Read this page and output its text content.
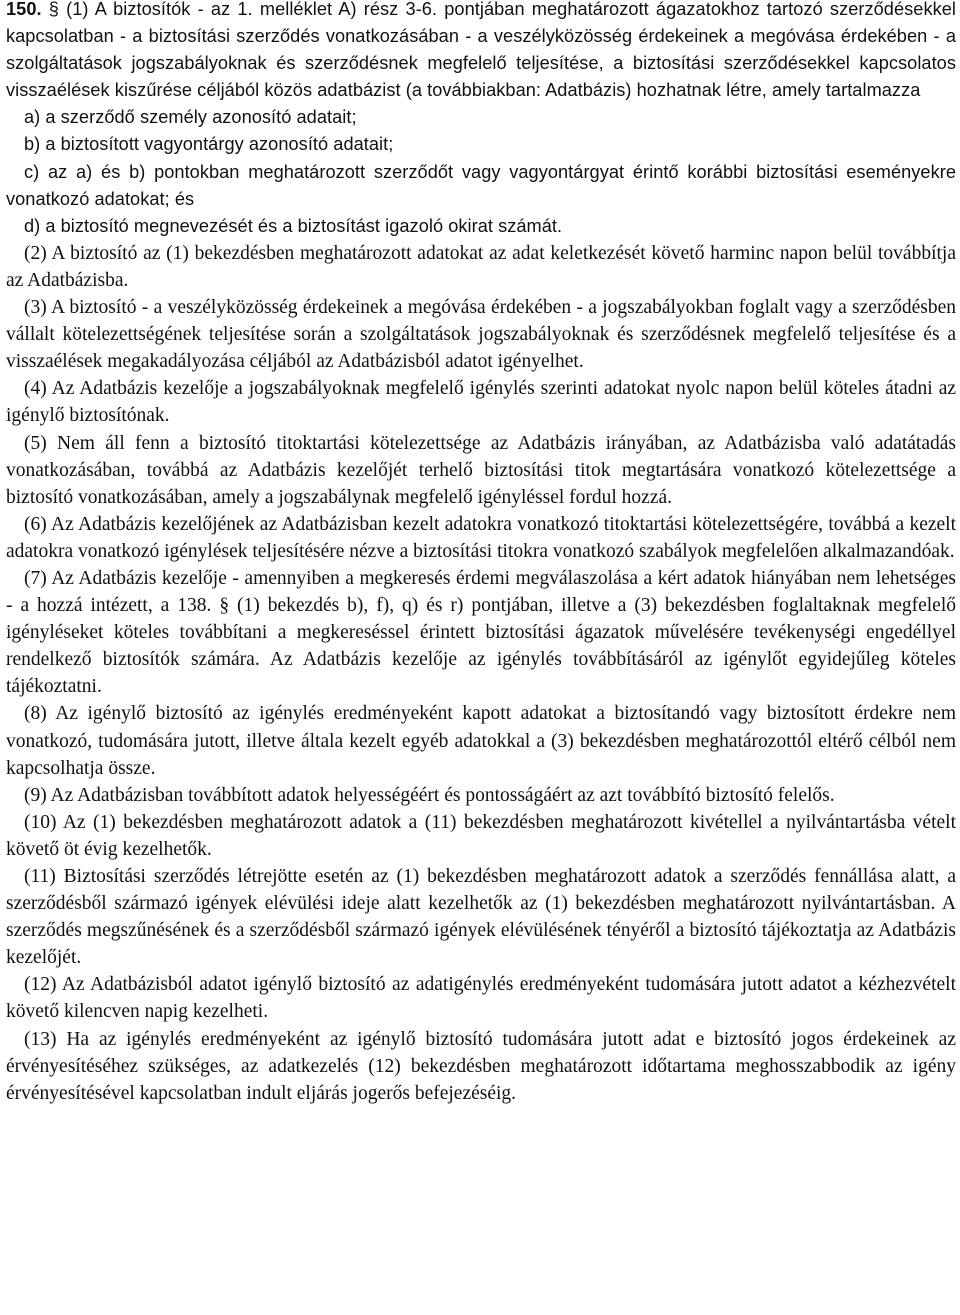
150. § (1) A biztosítók - az 1. melléklet A) rész 3-6. pontjában meghatározott ágazatokhoz tartozó szerződésekkel kapcsolatban - a biztosítási szerződés vonatkozásában - a veszélyközösség érdekeinek a megóvása érdekében - a szolgáltatások jogszabályoknak és szerződésnek megfelelő teljesítése, a biztosítási szerződésekkel kapcsolatos visszaélések kiszűrése céljából közös adatbázist (a továbbiakban: Adatbázis) hozhatnak létre, amely tartalmazza

a) a szerződő személy azonosító adatait;

b) a biztosított vagyontárgy azonosító adatait;

c) az a) és b) pontokban meghatározott szerződőt vagy vagyontárgyat érintő korábbi biztosítási eseményekre vonatkozó adatokat; és

d) a biztosító megnevezését és a biztosítást igazoló okirat számát.

(2) A biztosító az (1) bekezdésben meghatározott adatokat az adat keletkezését követő harminc napon belül továbbítja az Adatbázisba.

(3) A biztosító - a veszélyközösség érdekeinek a megóvása érdekében - a jogszabályokban foglalt vagy a szerződésben vállalt kötelezettségének teljesítése során a szolgáltatások jogszabályoknak és szerződésnek megfelelő teljesítése és a visszaélések megakadályozása céljából az Adatbázisból adatot igényelhet.

(4) Az Adatbázis kezelője a jogszabályoknak megfelelő igénylés szerinti adatokat nyolc napon belül köteles átadni az igénylő biztosítónak.

(5) Nem áll fenn a biztosító titoktartási kötelezettsége az Adatbázis irányában, az Adatbázisba való adatátadás vonatkozásában, továbbá az Adatbázis kezelőjét terhelő biztosítási titok megtartására vonatkozó kötelezettsége a biztosító vonatkozásában, amely a jogszabálynak megfelelő igényléssel fordul hozzá.

(6) Az Adatbázis kezelőjének az Adatbázisban kezelt adatokra vonatkozó titoktartási kötelezettségére, továbbá a kezelt adatokra vonatkozó igénylések teljesítésére nézve a biztosítási titokra vonatkozó szabályok megfelelően alkalmazandóak.

(7) Az Adatbázis kezelője - amennyiben a megkeresés érdemi megválaszolása a kért adatok hiányában nem lehetséges - a hozzá intézett, a 138. § (1) bekezdés b), f), q) és r) pontjában, illetve a (3) bekezdésben foglaltaknak megfelelő igényléseket köteles továbbítani a megkereséssel érintett biztosítási ágazatok művelésére tevékenységi engedéllyel rendelkező biztosítók számára. Az Adatbázis kezelője az igénylés továbbításáról az igénylőt egyidejűleg köteles tájékoztatni.

(8) Az igénylő biztosító az igénylés eredményeként kapott adatokat a biztosítandó vagy biztosított érdekre nem vonatkozó, tudomására jutott, illetve általa kezelt egyéb adatokkal a (3) bekezdésben meghatározottól eltérő célból nem kapcsolhatja össze.

(9) Az Adatbázisban továbbított adatok helyességéért és pontosságáért az azt továbbító biztosító felelős.

(10) Az (1) bekezdésben meghatározott adatok a (11) bekezdésben meghatározott kivétellel a nyilvántartásba vételt követő öt évig kezelhetők.

(11) Biztosítási szerződés létrejötte esetén az (1) bekezdésben meghatározott adatok a szerződés fennállása alatt, a szerződésből származó igények elévülési ideje alatt kezelhetők az (1) bekezdésben meghatározott nyilvántartásban. A szerződés megszűnésének és a szerződésből származó igények elévülésének tényéről a biztosító tájékoztatja az Adatbázis kezelőjét.

(12) Az Adatbázisból adatot igénylő biztosító az adatigénylés eredményeként tudomására jutott adatot a kézhezvételt követő kilencven napig kezelheti.

(13) Ha az igénylés eredményeként az igénylő biztosító tudomására jutott adat e biztosító jogos érdekeinek az érvényesítéséhez szükséges, az adatkezelés (12) bekezdésben meghatározott időtartama meghosszabbodik az igény érvényesítésével kapcsolatban indult eljárás jogerős befejezéséig.
